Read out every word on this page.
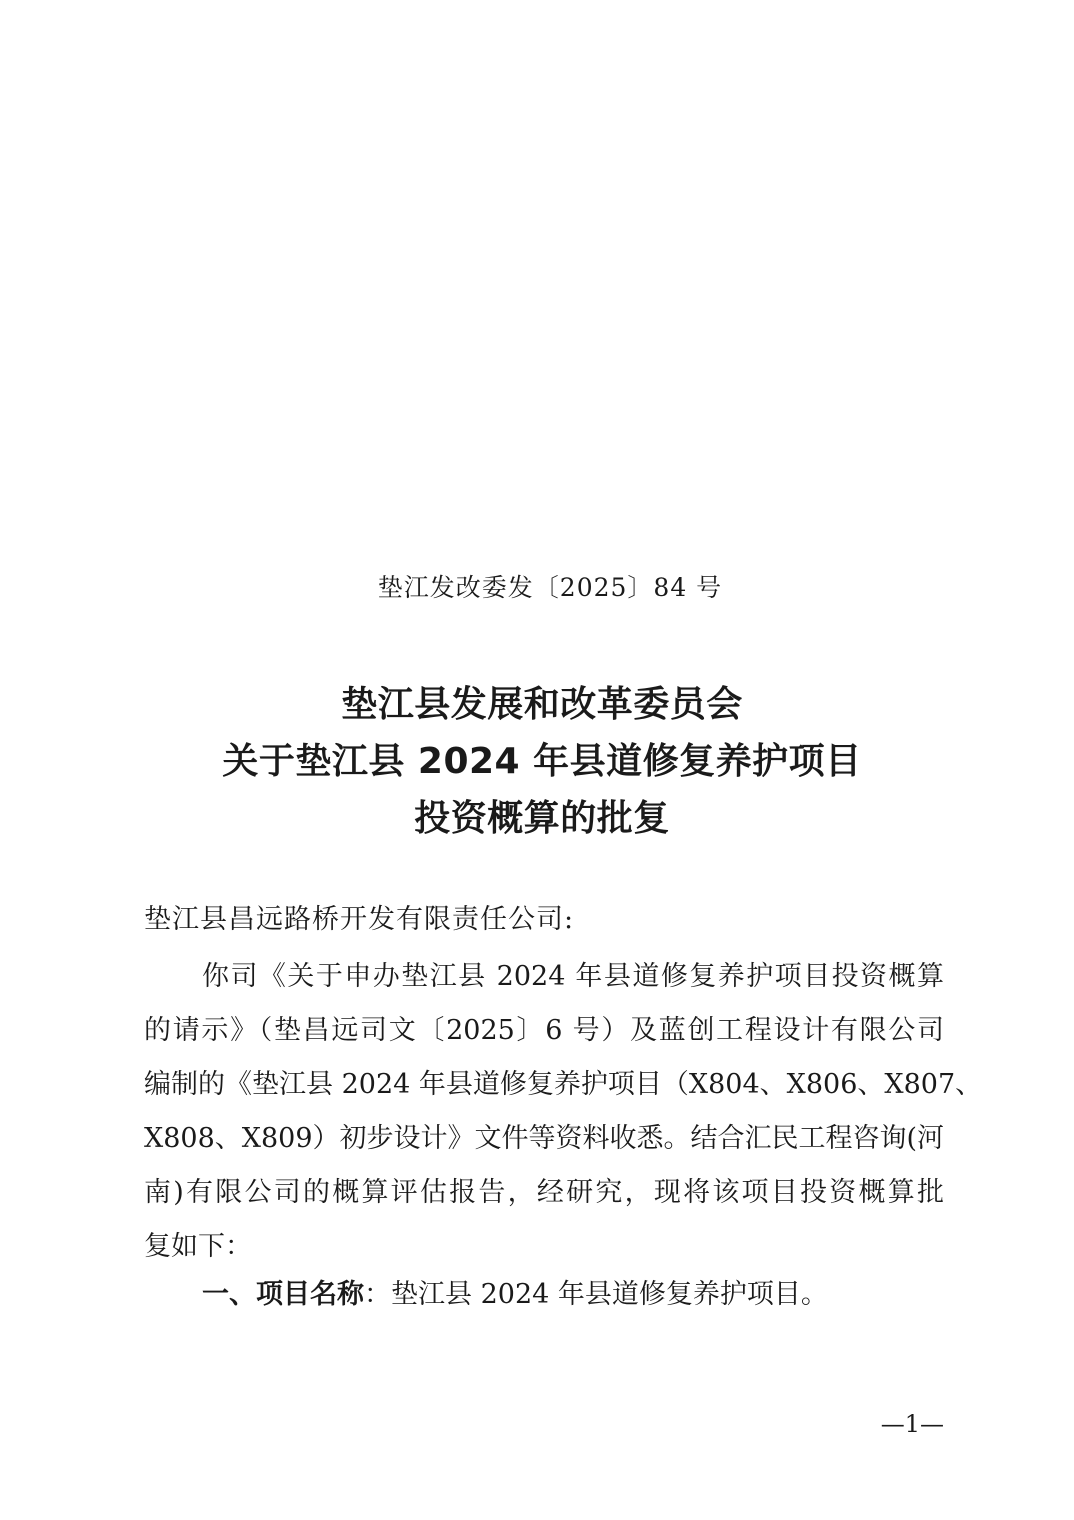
垫江发改委发〔2025〕84 号
垫江县发展和改革委员会
关于垫江县 2024 年县道修复养护项目
投资概算的批复
垫江县昌远路桥开发有限责任公司:
你司《关于申办垫江县 2024 年县道修复养护项目投资概算
的请示》（垫昌远司文〔2025〕6 号）及蓝创工程设计有限公司
编制的《垫江县 2024 年县道修复养护项目（X804、X806、X807、
X808、X809）初步设计》文件等资料收悉。结合汇民工程咨询(河
南)有限公司的概算评估报告，经研究，现将该项目投资概算批
复如下：
一、项目名称：垫江县 2024 年县道修复养护项目。
—1—
